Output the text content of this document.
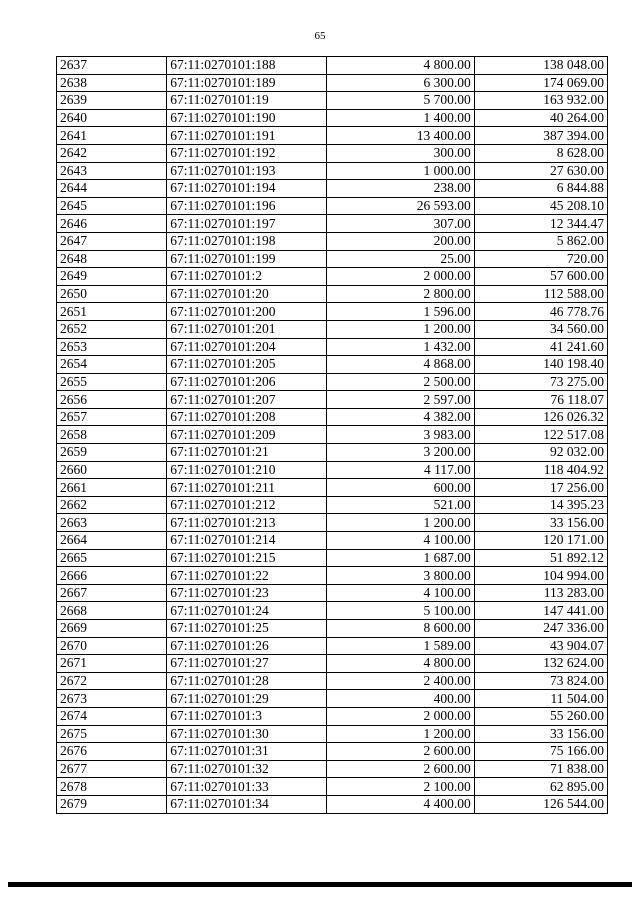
65
2637	67:11:0270101:188	4 800.00	138 048.00
2638	67:11:0270101:189	6 300.00	174 069.00
2639	67:11:0270101:19	5 700.00	163 932.00
2640	67:11:0270101:190	1 400.00	40 264.00
2641	67:11:0270101:191	13 400.00	387 394.00
2642	67:11:0270101:192	300.00	8 628.00
2643	67:11:0270101:193	1 000.00	27 630.00
2644	67:11:0270101:194	238.00	6 844.88
2645	67:11:0270101:196	26 593.00	45 208.10
2646	67:11:0270101:197	307.00	12 344.47
2647	67:11:0270101:198	200.00	5 862.00
2648	67:11:0270101:199	25.00	720.00
2649	67:11:0270101:2	2 000.00	57 600.00
2650	67:11:0270101:20	2 800.00	112 588.00
2651	67:11:0270101:200	1 596.00	46 778.76
2652	67:11:0270101:201	1 200.00	34 560.00
2653	67:11:0270101:204	1 432.00	41 241.60
2654	67:11:0270101:205	4 868.00	140 198.40
2655	67:11:0270101:206	2 500.00	73 275.00
2656	67:11:0270101:207	2 597.00	76 118.07
2657	67:11:0270101:208	4 382.00	126 026.32
2658	67:11:0270101:209	3 983.00	122 517.08
2659	67:11:0270101:21	3 200.00	92 032.00
2660	67:11:0270101:210	4 117.00	118 404.92
2661	67:11:0270101:211	600.00	17 256.00
2662	67:11:0270101:212	521.00	14 395.23
2663	67:11:0270101:213	1 200.00	33 156.00
2664	67:11:0270101:214	4 100.00	120 171.00
2665	67:11:0270101:215	1 687.00	51 892.12
2666	67:11:0270101:22	3 800.00	104 994.00
2667	67:11:0270101:23	4 100.00	113 283.00
2668	67:11:0270101:24	5 100.00	147 441.00
2669	67:11:0270101:25	8 600.00	247 336.00
2670	67:11:0270101:26	1 589.00	43 904.07
2671	67:11:0270101:27	4 800.00	132 624.00
2672	67:11:0270101:28	2 400.00	73 824.00
2673	67:11:0270101:29	400.00	11 504.00
2674	67:11:0270101:3	2 000.00	55 260.00
2675	67:11:0270101:30	1 200.00	33 156.00
2676	67:11:0270101:31	2 600.00	75 166.00
2677	67:11:0270101:32	2 600.00	71 838.00
2678	67:11:0270101:33	2 100.00	62 895.00
2679	67:11:0270101:34	4 400.00	126 544.00
